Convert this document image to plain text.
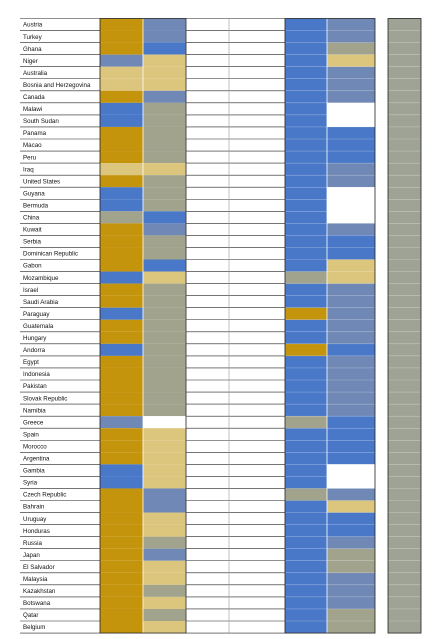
Austria
Turkey
Ghana
Niger
Australia
Bosnia and Herzegovina
Canada
Malawi
South Sudan
Panama
Macao
Peru
Iraq
United States
Guyana
Bermuda
China
Kuwait
Serbia
Dominican Republic
Gabon
Mozambique
Israel
Saudi Arabia
Paraguay
Guatemala
Hungary
Andorra
Egypt
Indonesia
Pakistan
Slovak Republic
Namibia
Greece
Spain
Morocco
Argentina
Gambia
Syria
Czech Republic
Bahrain
Uruguay
Honduras
Russia
Japan
El Salvador
Malaysia
Kazakhstan
Botswana
Qatar
Belgium
